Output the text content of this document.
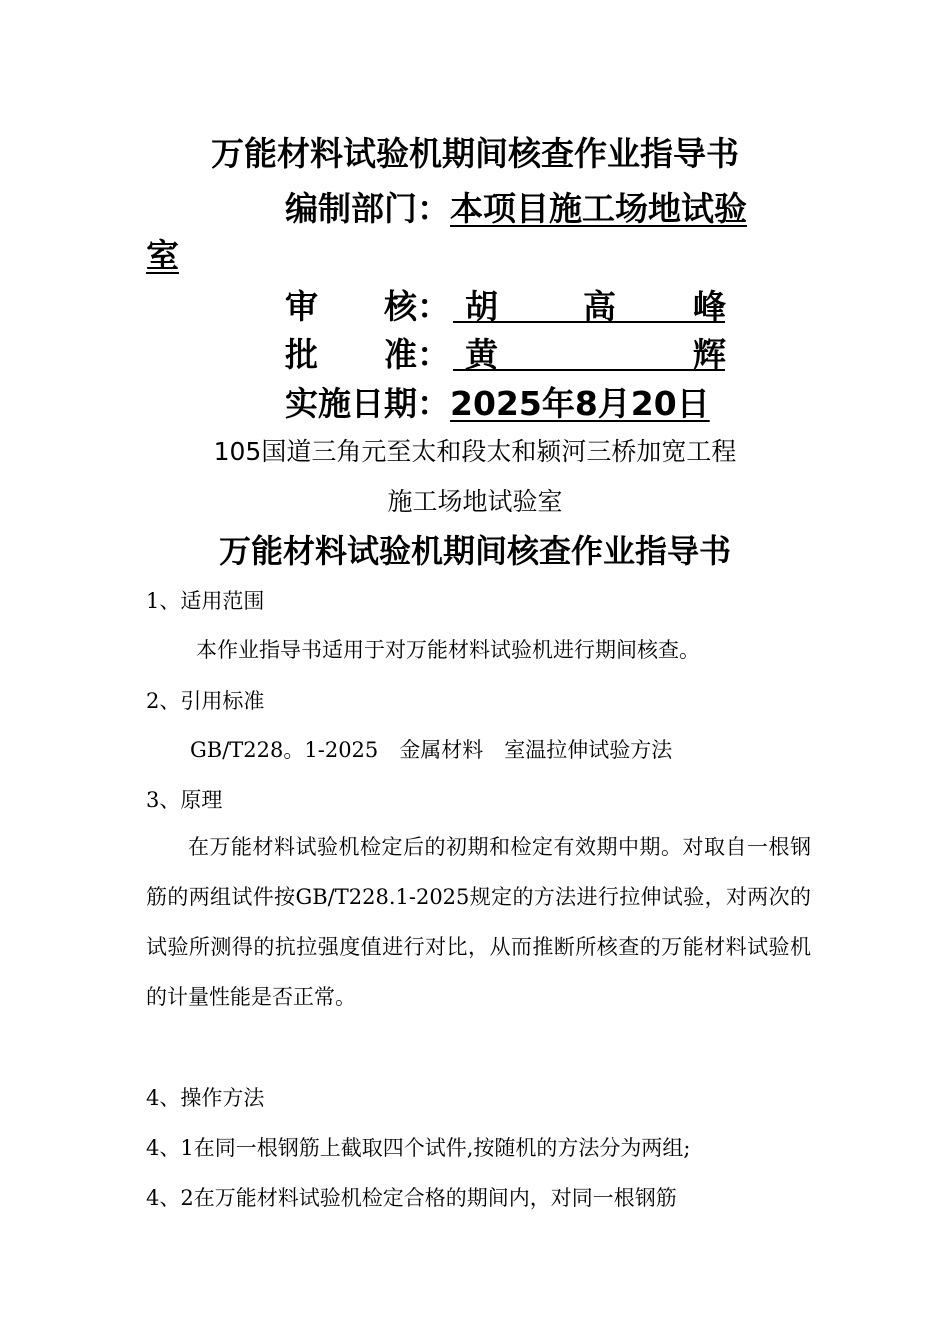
万能材料试验机期间核查作业指导书
编制部门：本项目施工场地试验
室
审　　核： 胡	高 峰
批　　准： 黄	辉
实施日期：2025年8月20日
105国道三角元至太和段太和颍河三桥加宽工程
施工场地试验室
万能材料试验机期间核查作业指导书
1、适用范围
本作业指导书适用于对万能材料试验机进行期间核查。
2、引用标准
GB/T228。1-2025　金属材料　室温拉伸试验方法
3、原理
在万能材料试验机检定后的初期和检定有效期中期。对取自一根钢筋的两组试件按GB/T228.1-2025规定的方法进行拉伸试验，对两次的试验所测得的抗拉强度值进行对比，从而推断所核查的万能材料试验机的计量性能是否正常。
4、操作方法
4、1在同一根钢筋上截取四个试件,按随机的方法分为两组;
4、2在万能材料试验机检定合格的期间内，对同一根钢筋
